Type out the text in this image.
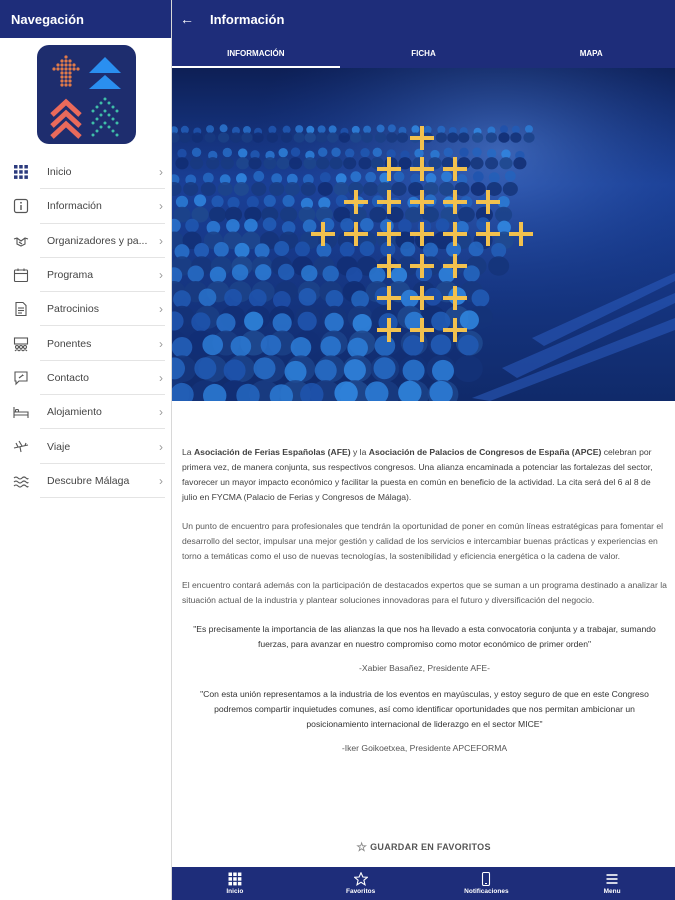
Navegación
Inicio	›
Información	›
Organizadores y pa... ›
Programa	›
Patrocinios	›
Ponentes	›
Contacto	›
Alojamiento	›
Viaje	›
Descubre Málaga	›
←	Información
INFORMACIÓN	FICHA	MAPA

La Asociación de Ferias Españolas (AFE) y la Asociación de Palacios de Congresos de España (APCE) celebran por primera vez, de manera conjunta, sus respectivos congresos. Una alianza encaminada a potenciar las fortalezas del sector, favorecer un mayor impacto económico y facilitar la puesta en común en beneficio de la actividad. La cita será del 6 al 8 de julio en FYCMA (Palacio de Ferias y Congresos de Málaga).

Un punto de encuentro para profesionales que tendrán la oportunidad de poner en común líneas estratégicas para fomentar el desarrollo del sector, impulsar una mejor gestión y calidad de los servicios e intercambiar buenas prácticas y experiencias en torno a temáticas como el uso de nuevas tecnologías, la sostenibilidad y eficiencia energética o la cadena de valor.

El encuentro contará además con la participación de destacados expertos que se suman a un programa destinado a analizar la situación actual de la industria y plantear soluciones innovadoras para el futuro y diversificación del negocio.

"Es precisamente la importancia de las alianzas la que nos ha llevado a esta convocatoria conjunta y a trabajar, sumando fuerzas, para avanzar en nuestro compromiso como motor económico de primer orden"

-Xabier Basañez, Presidente AFE-

"Con esta unión representamos a la industria de los eventos en mayúsculas, y estoy seguro de que en este Congreso podremos compartir inquietudes comunes, así como identificar oportunidades que nos permitan ambicionar un posicionamiento internacional de liderazgo en el sector MICE"

-Iker Goikoetxea, Presidente APCEFORMA

☆ GUARDAR EN FAVORITOS
Inicio	Favoritos	Notificaciones	Menu
